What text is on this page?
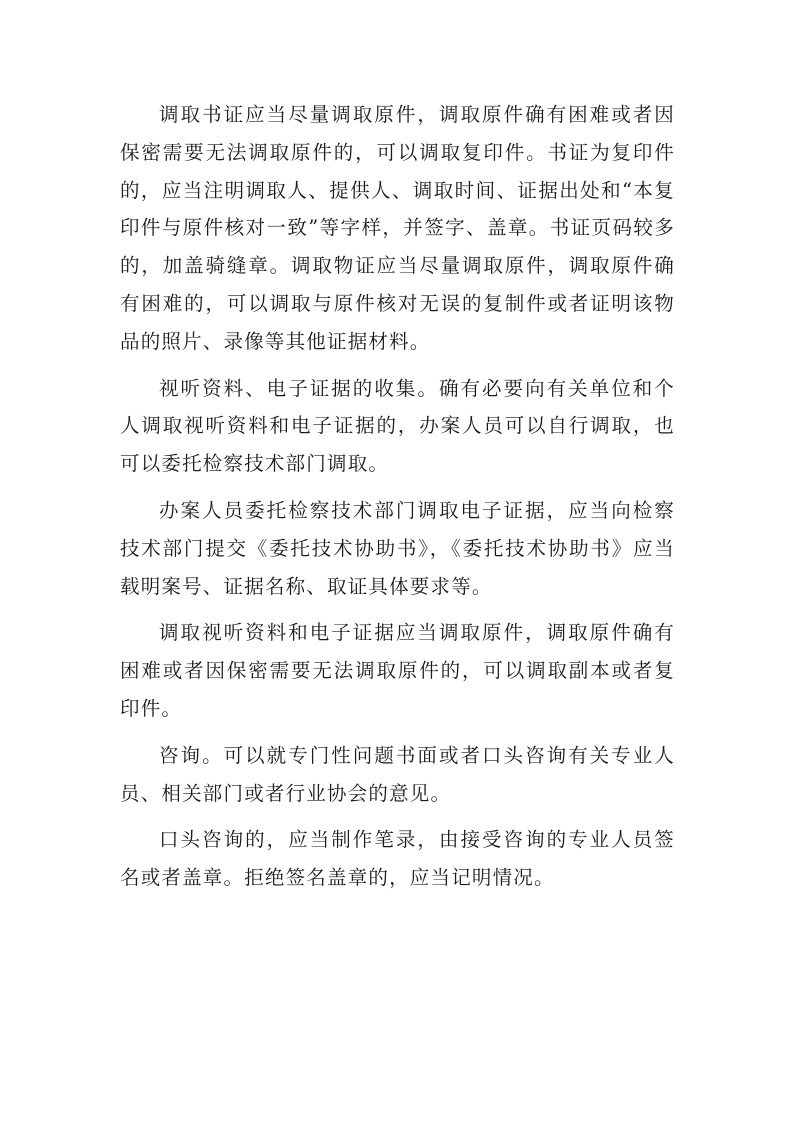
调取书证应当尽量调取原件，调取原件确有困难或者因保密需要无法调取原件的，可以调取复印件。书证为复印件的，应当注明调取人、提供人、调取时间、证据出处和“本复印件与原件核对一致”等字样，并签字、盖章。书证页码较多的，加盖骑缝章。调取物证应当尽量调取原件，调取原件确有困难的，可以调取与原件核对无误的复制件或者证明该物品的照片、录像等其他证据材料。

视听资料、电子证据的收集。确有必要向有关单位和个人调取视听资料和电子证据的，办案人员可以自行调取，也可以委托检察技术部门调取。

办案人员委托检察技术部门调取电子证据，应当向检察技术部门提交《委托技术协助书》，《委托技术协助书》应当载明案号、证据名称、取证具体要求等。

调取视听资料和电子证据应当调取原件，调取原件确有困难或者因保密需要无法调取原件的，可以调取副本或者复印件。

咨询。可以就专门性问题书面或者口头咨询有关专业人员、相关部门或者行业协会的意见。

口头咨询的，应当制作笔录，由接受咨询的专业人员签名或者盖章。拒绝签名盖章的，应当记明情况。
